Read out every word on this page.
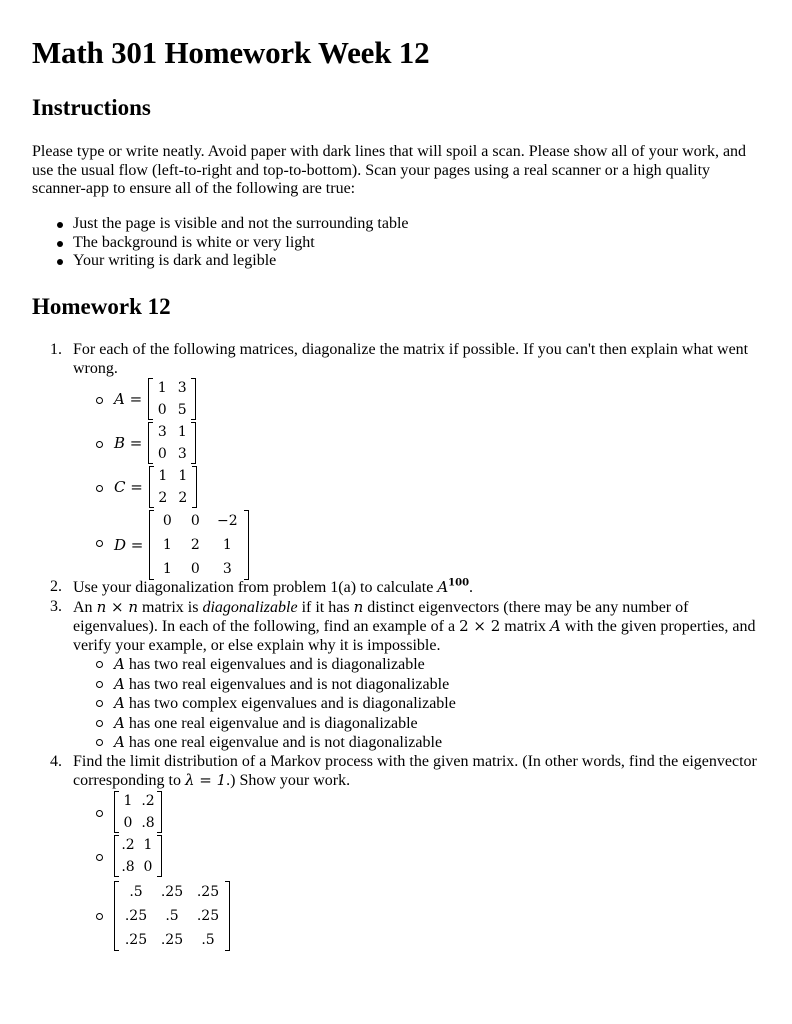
Math 301 Homework Week 12
Instructions

Please type or write neatly. Avoid paper with dark lines that will spoil a scan. Please show all of your work, and use the usual flow (left-to-right and top-to-bottom). Scan your pages using a real scanner or a high quality scanner-app to ensure all of the following are true:

Just the page is visible and not the surrounding table
The background is white or very light
Your writing is dark and legible
Homework 12
1. For each of the following matrices, diagonalize the matrix if possible. If you can't then explain what went wrong.
A =
1 3
0 5
B =
3 1
0 3
C =
1 1
2 2
D =
0	0	−2
1	2	1
1	0	3
2. Use your diagonalization from problem 1(a) to calculate $A^{100}$.
3. An n × n matrix is diagonalizable if it has n distinct eigenvectors (there may be any number of eigenvalues). In each of the following, find an example of a 2 × 2 matrix A with the given properties, and verify your example, or else explain why it is impossible.
A has two real eigenvalues and is diagonalizable
A has two real eigenvalues and is not diagonalizable
A has two complex eigenvalues and is diagonalizable
A has one real eigenvalue and is diagonalizable
A has one real eigenvalue and is not diagonalizable
4. Find the limit distribution of a Markov process with the given matrix. (In other words, find the eigenvector corresponding to λ = 1.) Show your work.
1 .2
0 .8
.2 1
.8 0
.5	.25 .25
.25	.5	.25
.25 .25	.5
